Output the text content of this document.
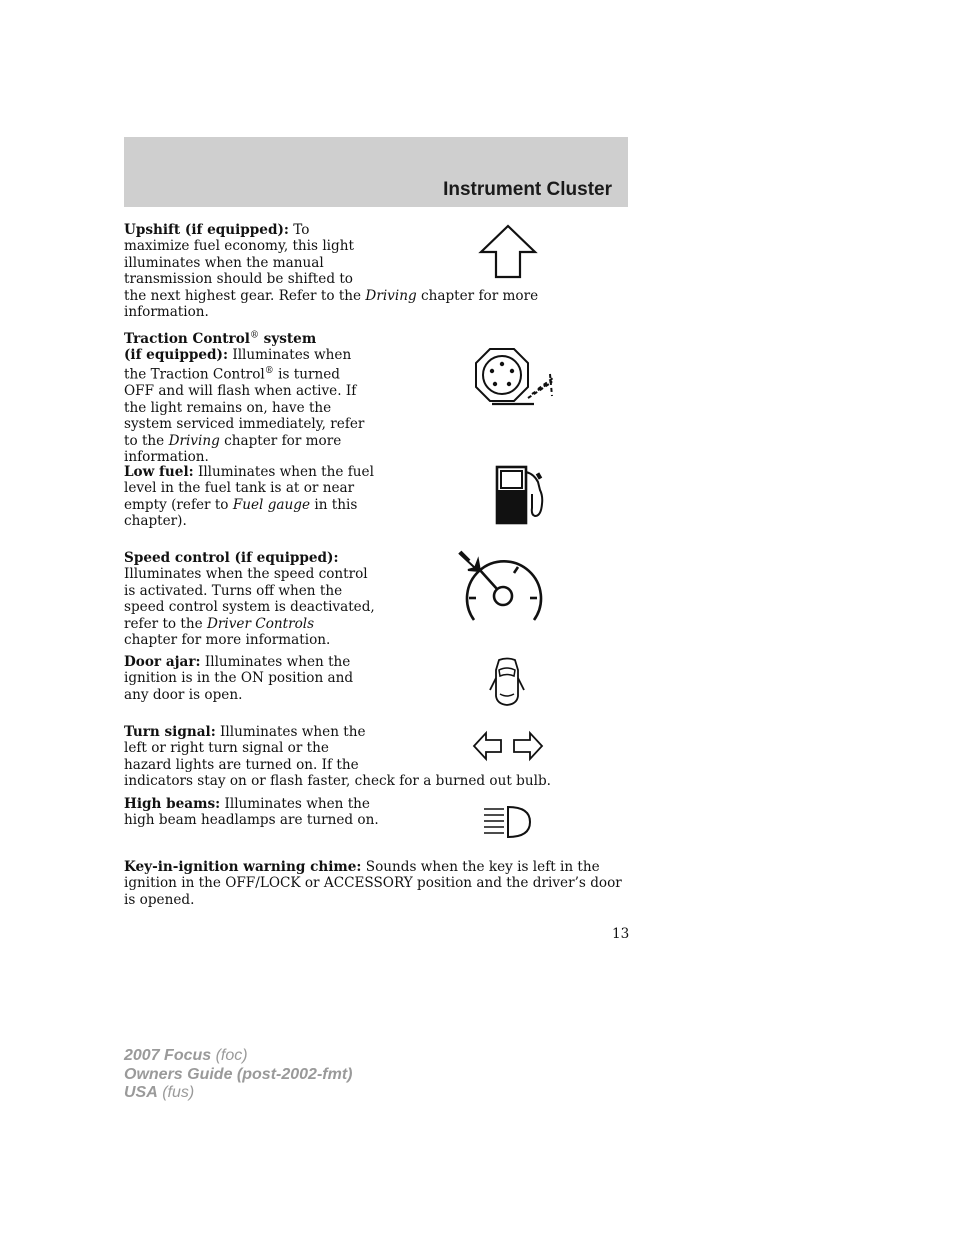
Instrument Cluster
Upshift (if equipped): To
maximize fuel economy, this light
illuminates when the manual
transmission should be shifted to
the next highest gear. Refer to the Driving chapter for more
information.
Traction Control® system
(if equipped): Illuminates when
the Traction Control® is turned
OFF and will flash when active. If
the light remains on, have the
system serviced immediately, refer
to the Driving chapter for more
information.
Low fuel: Illuminates when the fuel
level in the fuel tank is at or near
empty (refer to Fuel gauge in this
chapter).
Speed control (if equipped):
Illuminates when the speed control
is activated. Turns off when the
speed control system is deactivated,
refer to the Driver Controls
chapter for more information.
Door ajar: Illuminates when the
ignition is in the ON position and
any door is open.
Turn signal: Illuminates when the
left or right turn signal or the
hazard lights are turned on. If the
indicators stay on or flash faster, check for a burned out bulb.
High beams: Illuminates when the
high beam headlamps are turned on.
Key-in-ignition warning chime: Sounds when the key is left in the
ignition in the OFF/LOCK or ACCESSORY position and the driver’s door
is opened.
13
2007 Focus (foc)
Owners Guide (post-2002-fmt)
USA (fus)
